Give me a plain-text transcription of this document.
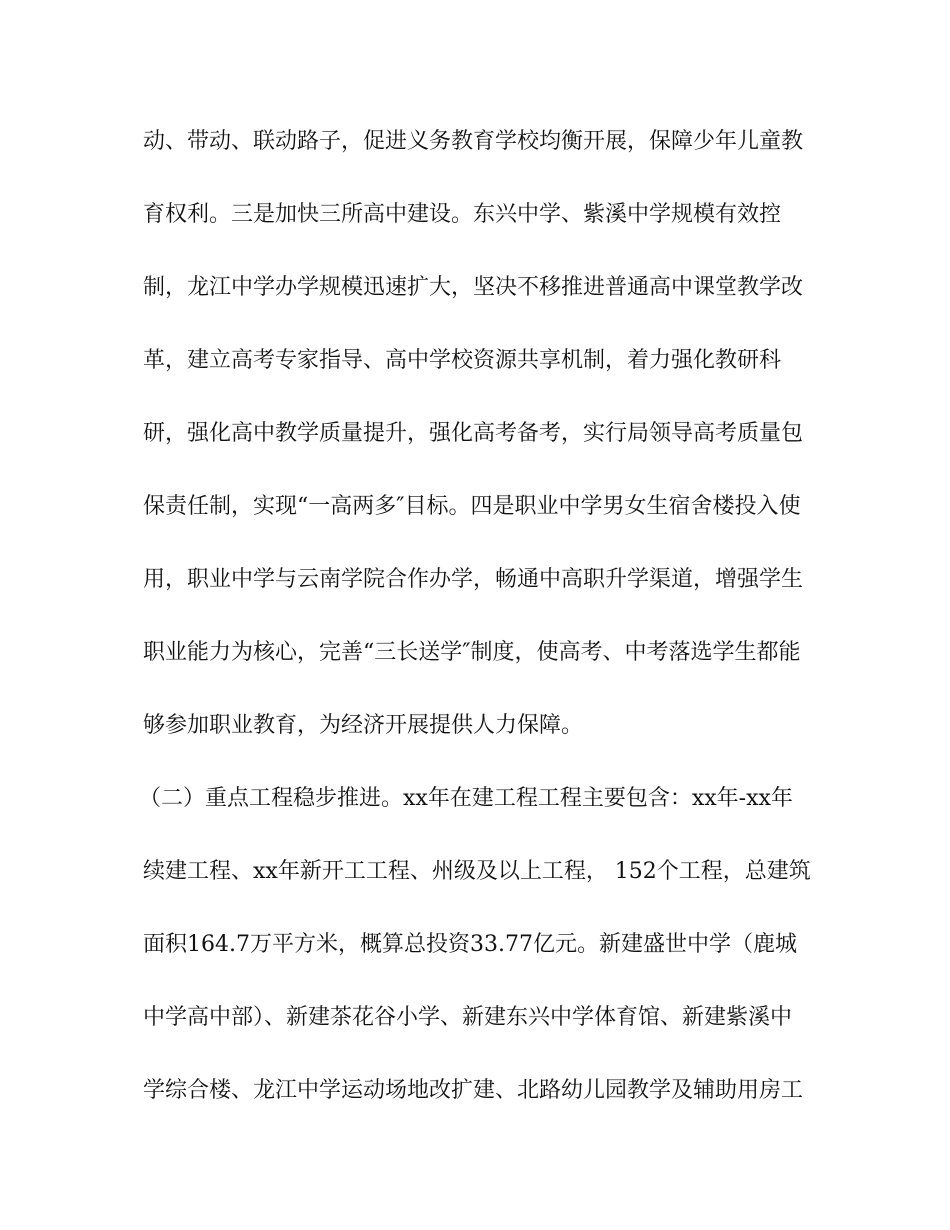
动、带动、联动路子，促进义务教育学校均衡开展，保障少年儿童教
育权利。三是加快三所高中建设。东兴中学、紫溪中学规模有效控
制，龙江中学办学规模迅速扩大，坚决不移推进普通高中课堂教学改
革，建立高考专家指导、高中学校资源共享机制，着力强化教研科
研，强化高中教学质量提升，强化高考备考，实行局领导高考质量包
保责任制，实现“一高两多″目标。四是职业中学男女生宿舍楼投入使
用，职业中学与云南学院合作办学，畅通中高职升学渠道，增强学生
职业能力为核心，完善“三长送学″制度，使高考、中考落选学生都能
够参加职业教育，为经济开展提供人力保障。
（二）重点工程稳步推进。xx年在建工程工程主要包含：xx年-xx年
续建工程、xx年新开工工程、州级及以上工程， 152个工程，总建筑
面积164.7万平方米，概算总投资33.77亿元。新建盛世中学（鹿城
中学高中部）、新建茶花谷小学、新建东兴中学体育馆、新建紫溪中
学综合楼、龙江中学运动场地改扩建、北路幼儿园教学及辅助用房工
